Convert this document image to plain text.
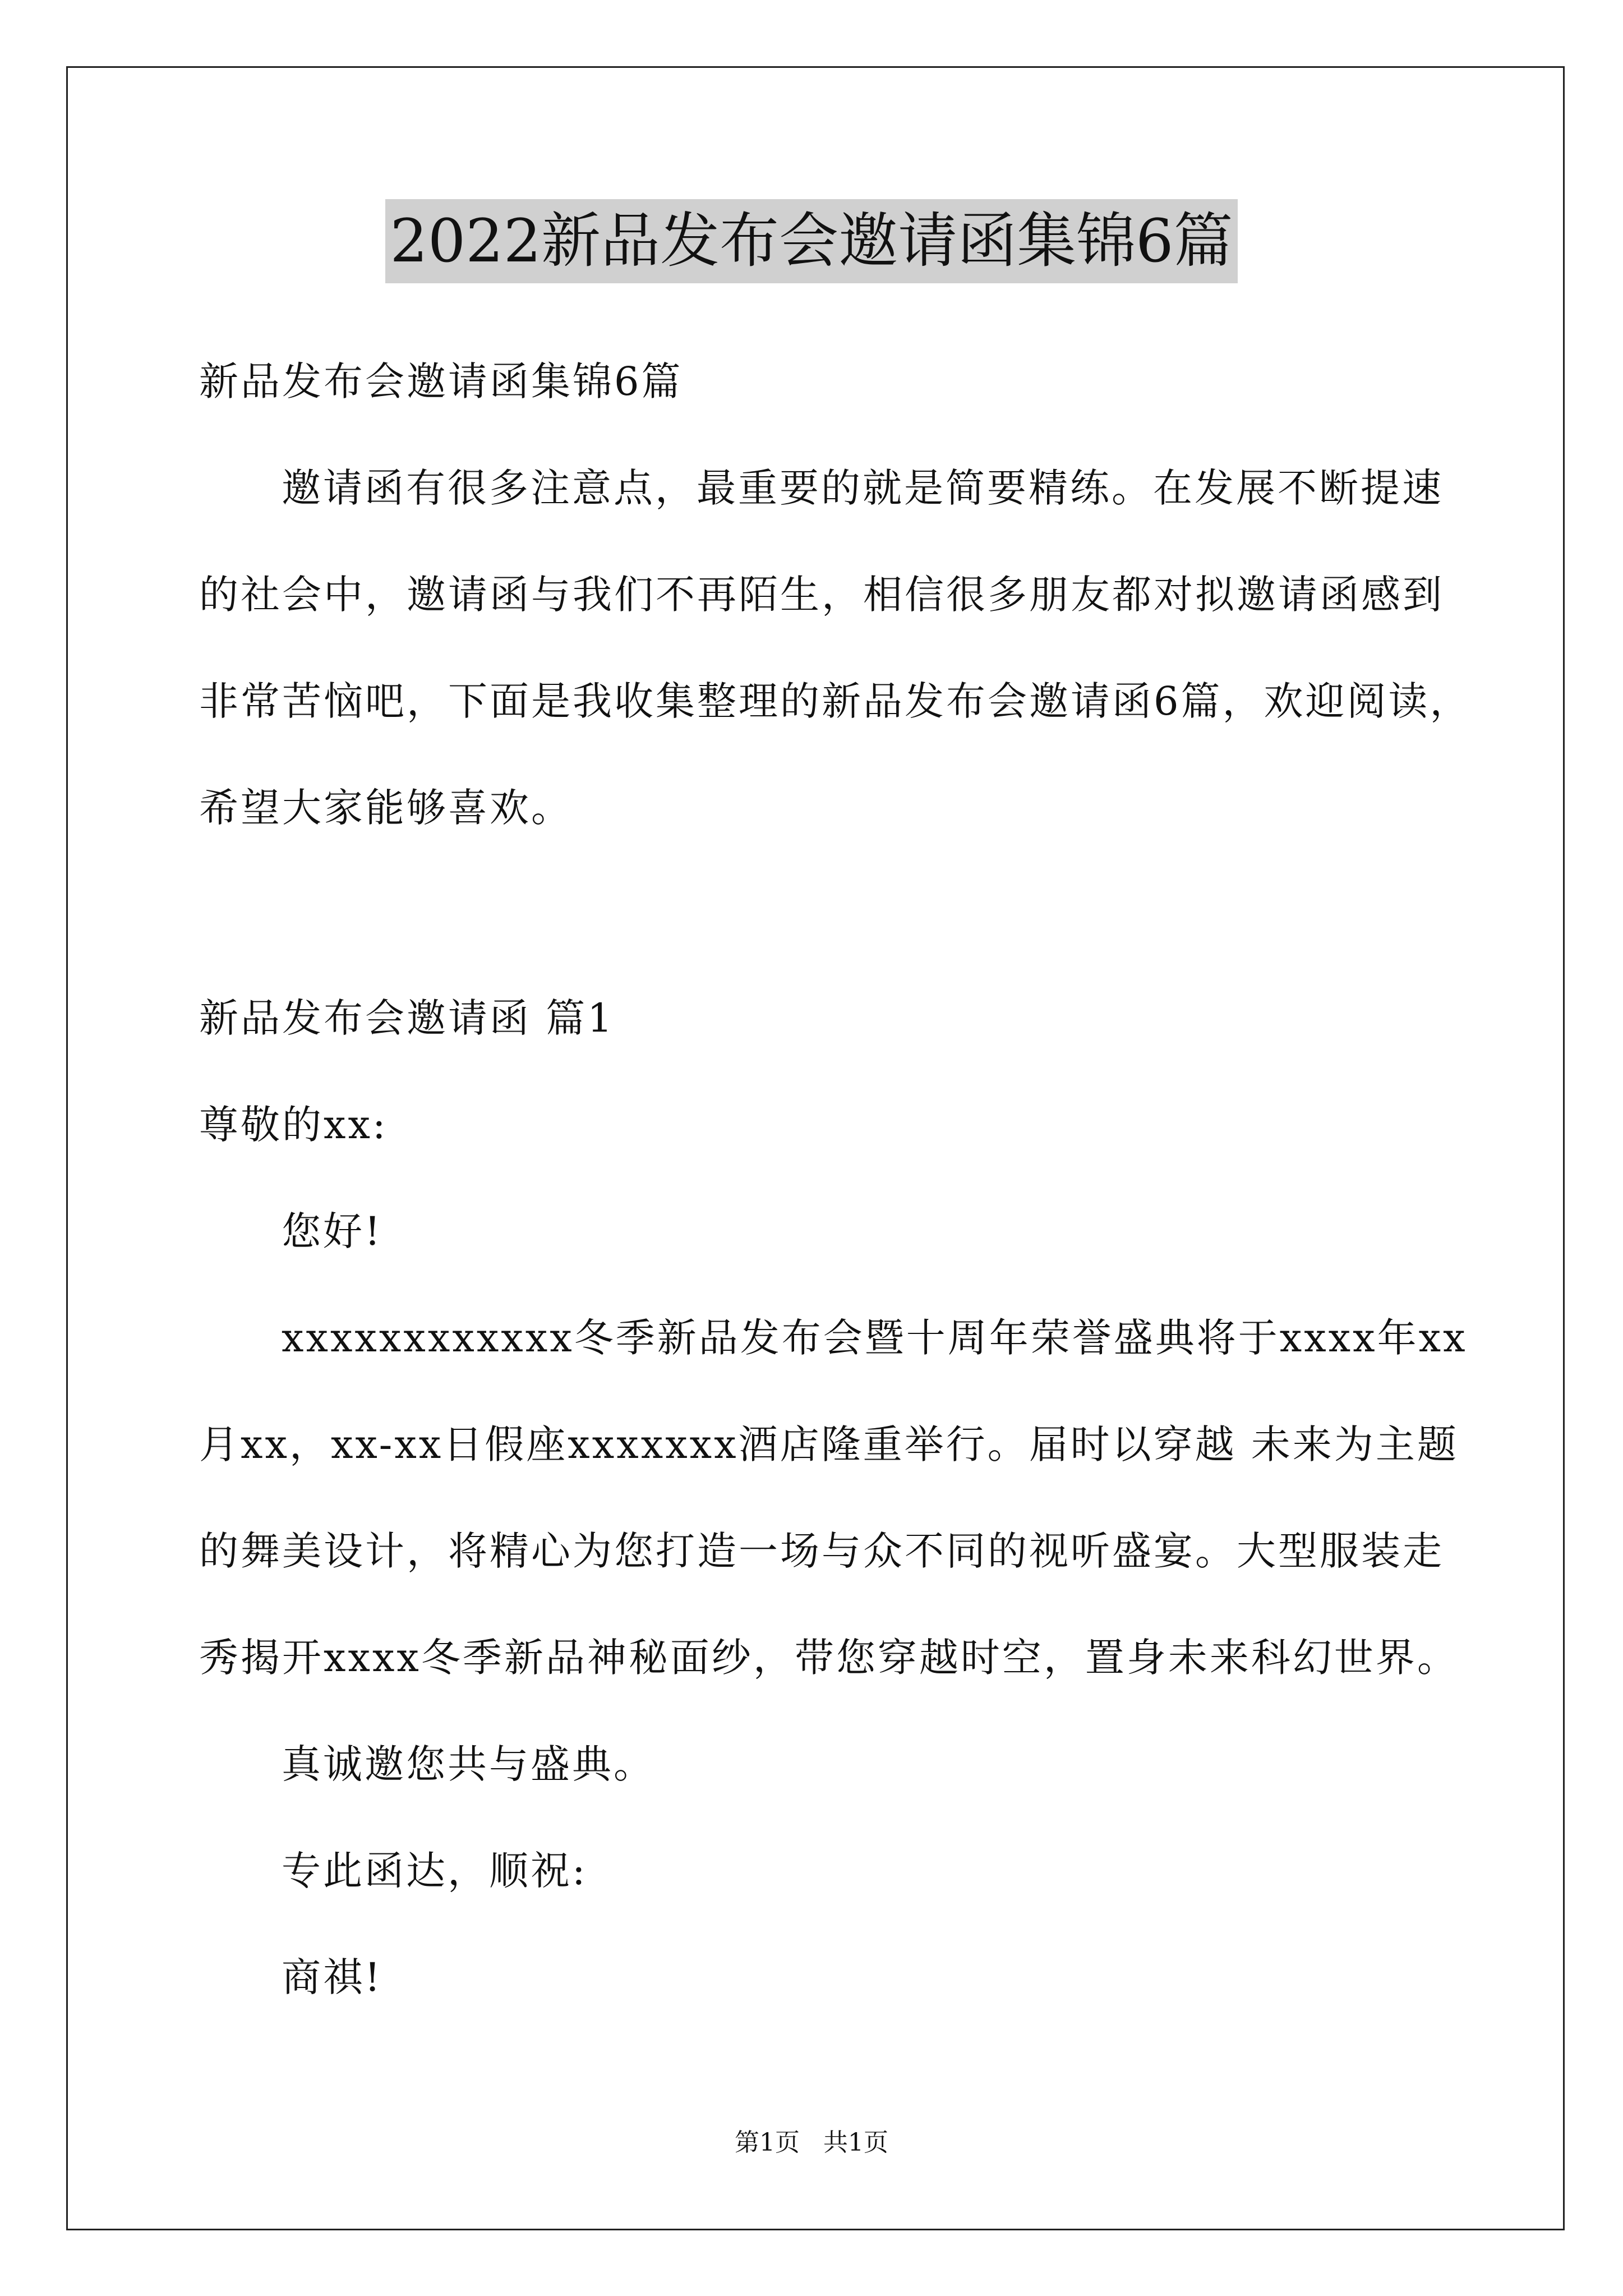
2022新品发布会邀请函集锦6篇
新品发布会邀请函集锦6篇
邀请函有很多注意点，最重要的就是简要精练。在发展不断提速
的社会中，邀请函与我们不再陌生，相信很多朋友都对拟邀请函感到
非常苦恼吧，下面是我收集整理的新品发布会邀请函6篇，欢迎阅读，
希望大家能够喜欢。
新品发布会邀请函 篇1
尊敬的xx:
您好!
xxxxxxxxxxxx冬季新品发布会暨十周年荣誉盛典将于xxxx年xx
月xx，xx-xx日假座xxxxxxx酒店隆重举行。届时以穿越 未来为主题
的舞美设计，将精心为您打造一场与众不同的视听盛宴。大型服装走
秀揭开xxxx冬季新品神秘面纱，带您穿越时空，置身未来科幻世界。
真诚邀您共与盛典。
专此函达，顺祝:
商祺!
第1页   共1页
